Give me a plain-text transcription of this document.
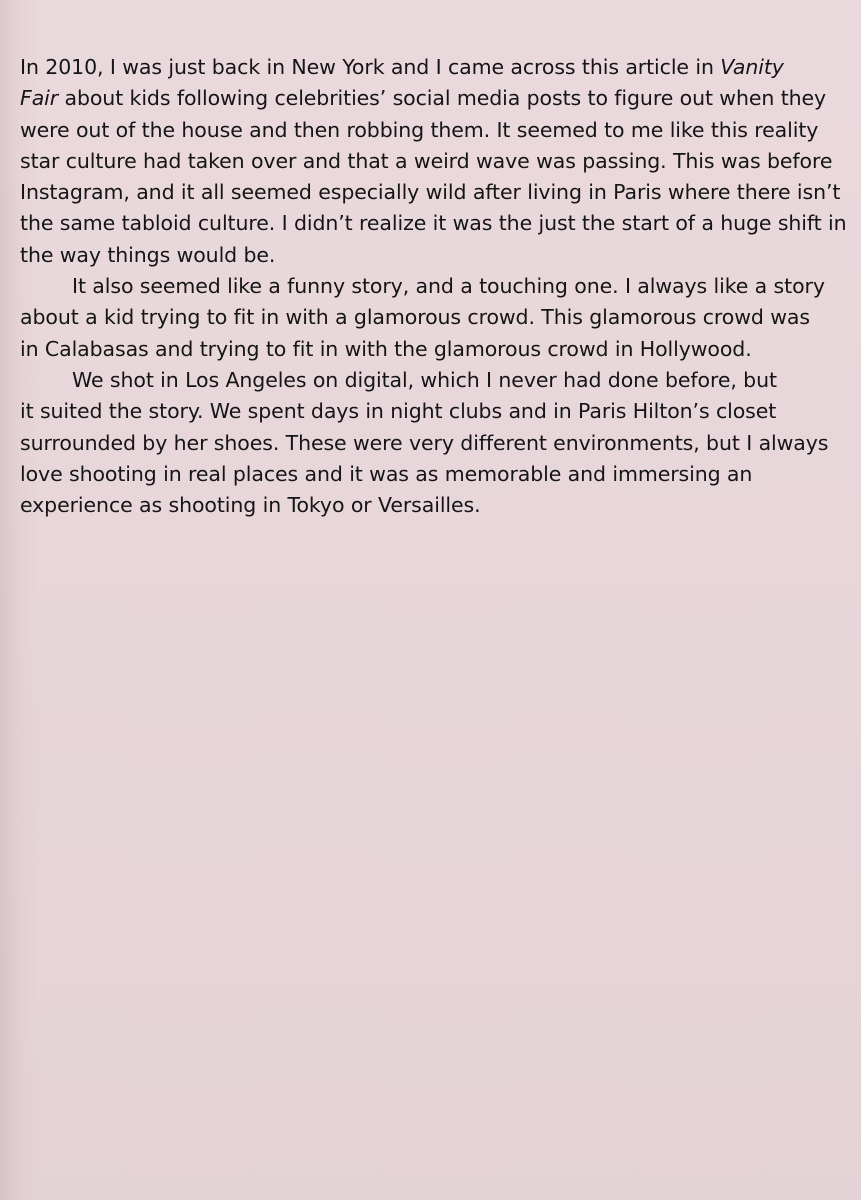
In 2010, I was just back in New York and I came across this article in Vanity
Fair about kids following celebrities’ social media posts to figure out when they
were out of the house and then robbing them. It seemed to me like this reality
star culture had taken over and that a weird wave was passing. This was before
Instagram, and it all seemed especially wild after living in Paris where there isn’t
the same tabloid culture. I didn’t realize it was the just the start of a huge shift in
the way things would be.
It also seemed like a funny story, and a touching one. I always like a story
about a kid trying to fit in with a glamorous crowd. This glamorous crowd was
in Calabasas and trying to fit in with the glamorous crowd in Hollywood.
We shot in Los Angeles on digital, which I never had done before, but
it suited the story. We spent days in night clubs and in Paris Hilton’s closet
surrounded by her shoes. These were very different environments, but I always
love shooting in real places and it was as memorable and immersing an
experience as shooting in Tokyo or Versailles.
